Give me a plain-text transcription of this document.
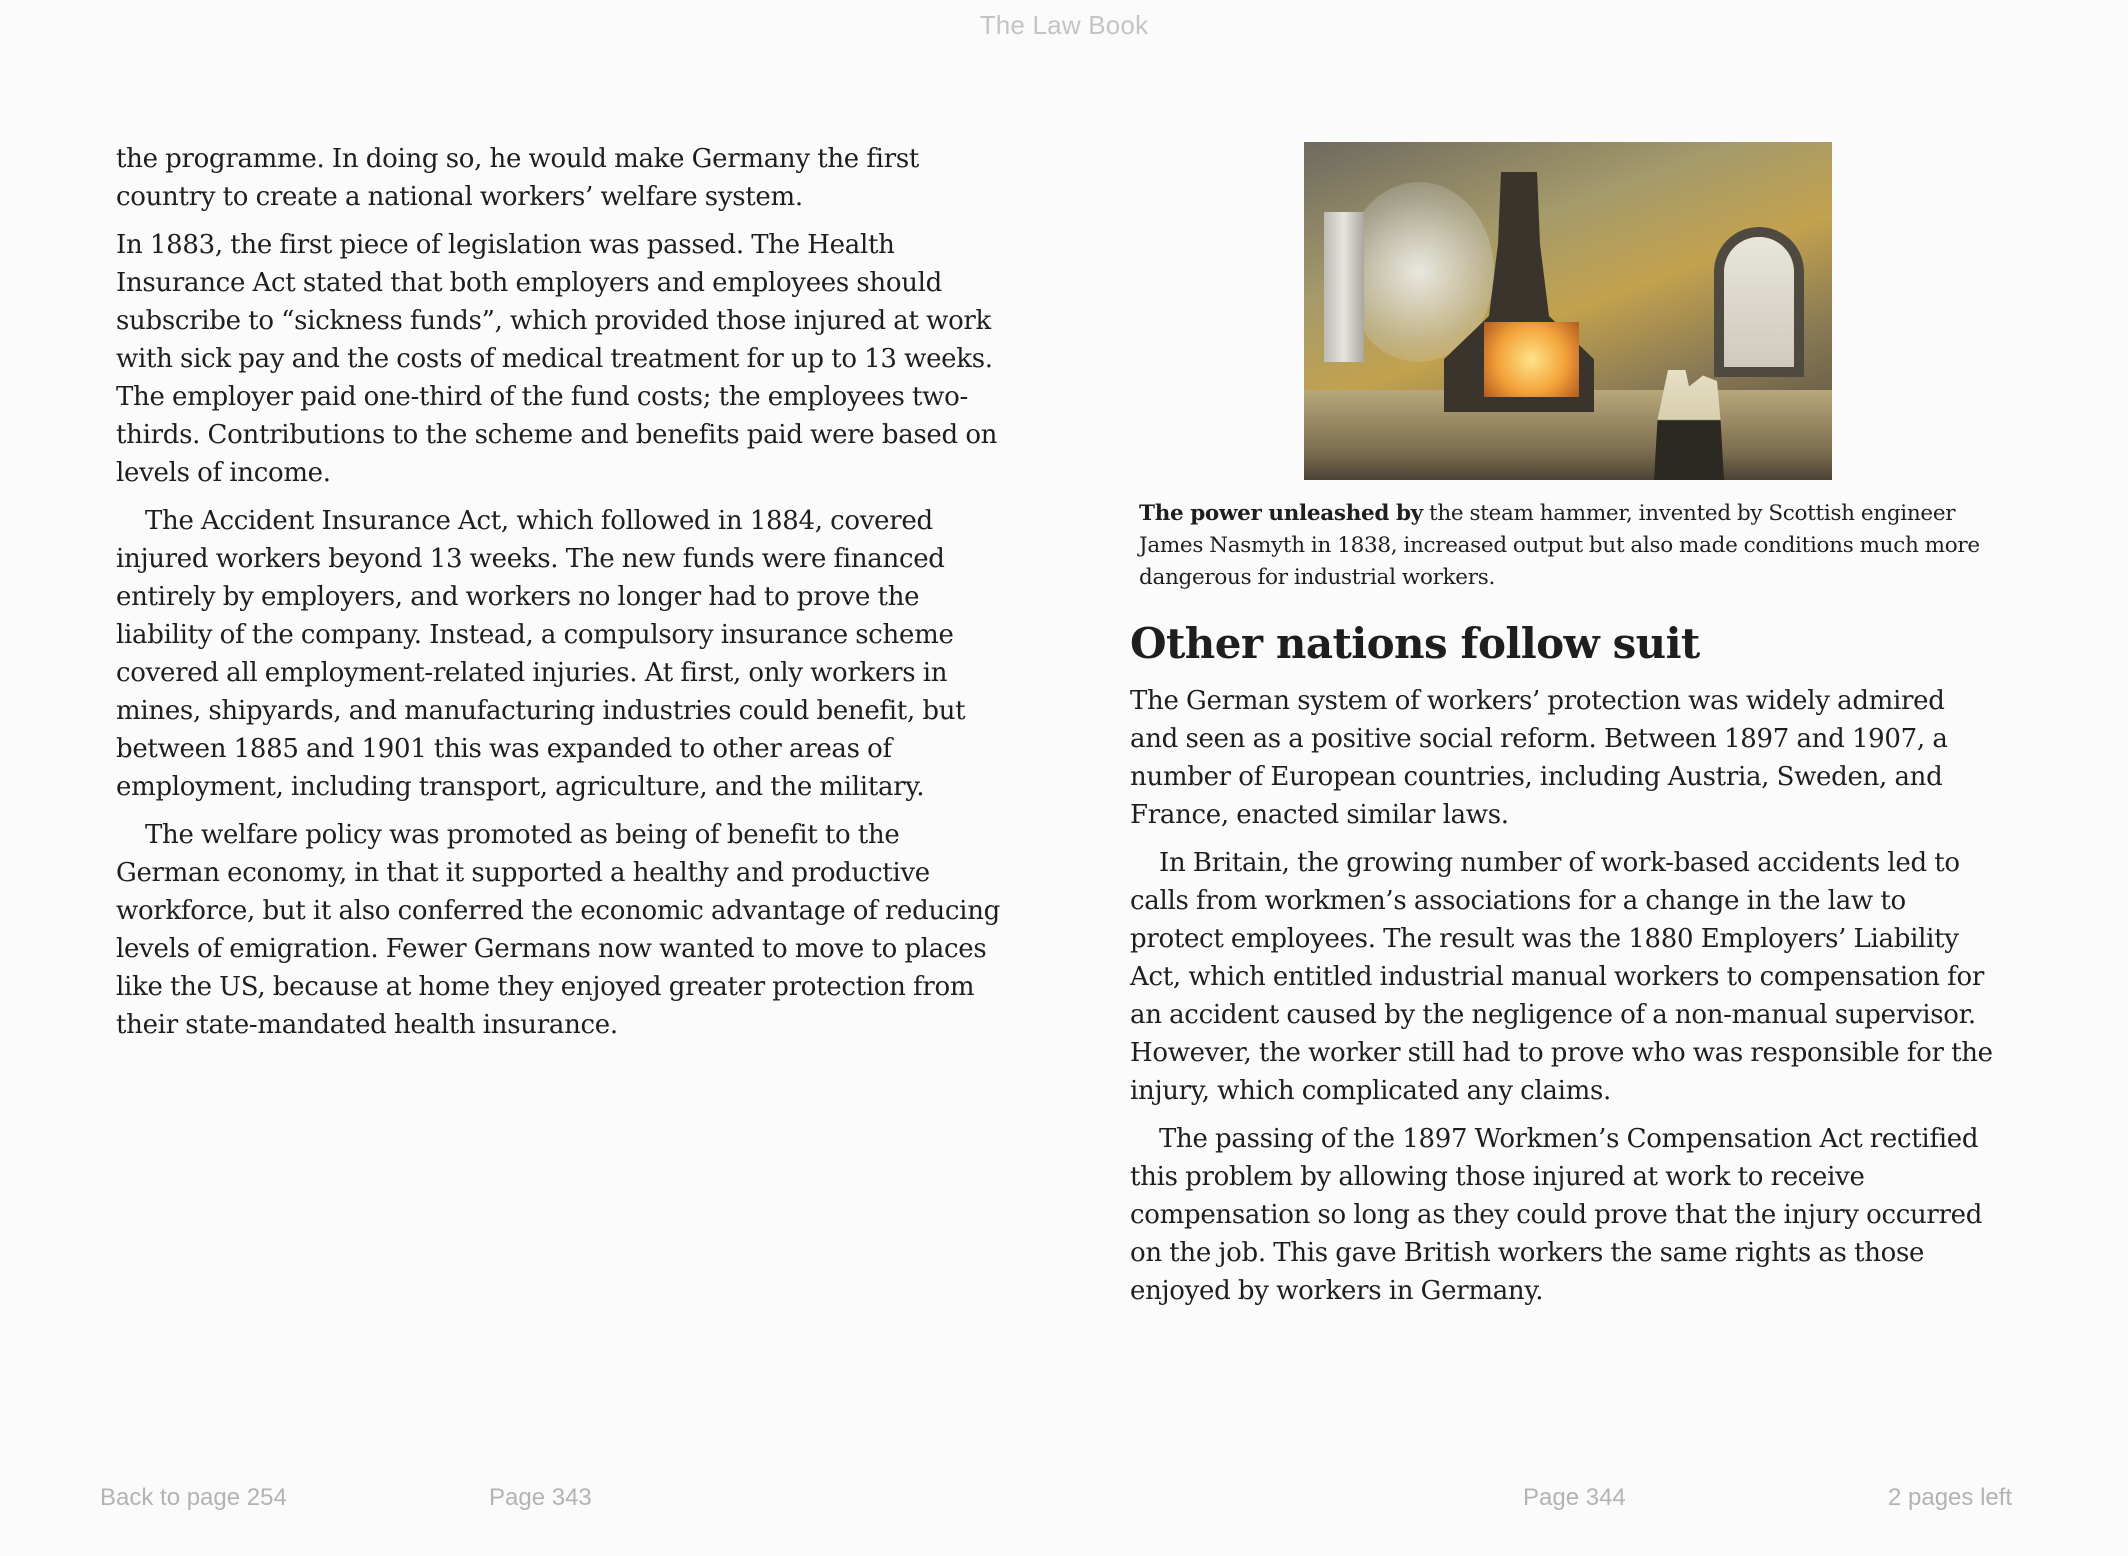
The Law Book

the programme. In doing so, he would make Germany the first country to create a national workers’ welfare system.

In 1883, the first piece of legislation was passed. The Health Insurance Act stated that both employers and employees should subscribe to “sickness funds”, which provided those injured at work with sick pay and the costs of medical treatment for up to 13 weeks. The employer paid one-third of the fund costs; the employees two-thirds. Contributions to the scheme and benefits paid were based on levels of income.

The Accident Insurance Act, which followed in 1884, covered injured workers beyond 13 weeks. The new funds were financed entirely by employers, and workers no longer had to prove the liability of the company. Instead, a compulsory insurance scheme covered all employment-related injuries. At first, only workers in mines, shipyards, and manufacturing industries could benefit, but between 1885 and 1901 this was expanded to other areas of employment, including transport, agriculture, and the military.

The welfare policy was promoted as being of benefit to the German economy, in that it supported a healthy and productive workforce, but it also conferred the economic advantage of reducing levels of emigration. Fewer Germans now wanted to move to places like the US, because at home they enjoyed greater protection from their state-mandated health insurance.

The power unleashed by the steam hammer, invented by Scottish engineer James Nasmyth in 1838, increased output but also made conditions much more dangerous for industrial workers.
Other nations follow suit

The German system of workers’ protection was widely admired and seen as a positive social reform. Between 1897 and 1907, a number of European countries, including Austria, Sweden, and France, enacted similar laws.

In Britain, the growing number of work-based accidents led to calls from workmen’s associations for a change in the law to protect employees. The result was the 1880 Employers’ Liability Act, which entitled industrial manual workers to compensation for an accident caused by the negligence of a non-manual supervisor. However, the worker still had to prove who was responsible for the injury, which complicated any claims.

The passing of the 1897 Workmen’s Compensation Act rectified this problem by allowing those injured at work to receive compensation so long as they could prove that the injury occurred on the job. This gave British workers the same rights as those enjoyed by workers in Germany.

Back to page 254	Page 343	Page 344	2 pages left
